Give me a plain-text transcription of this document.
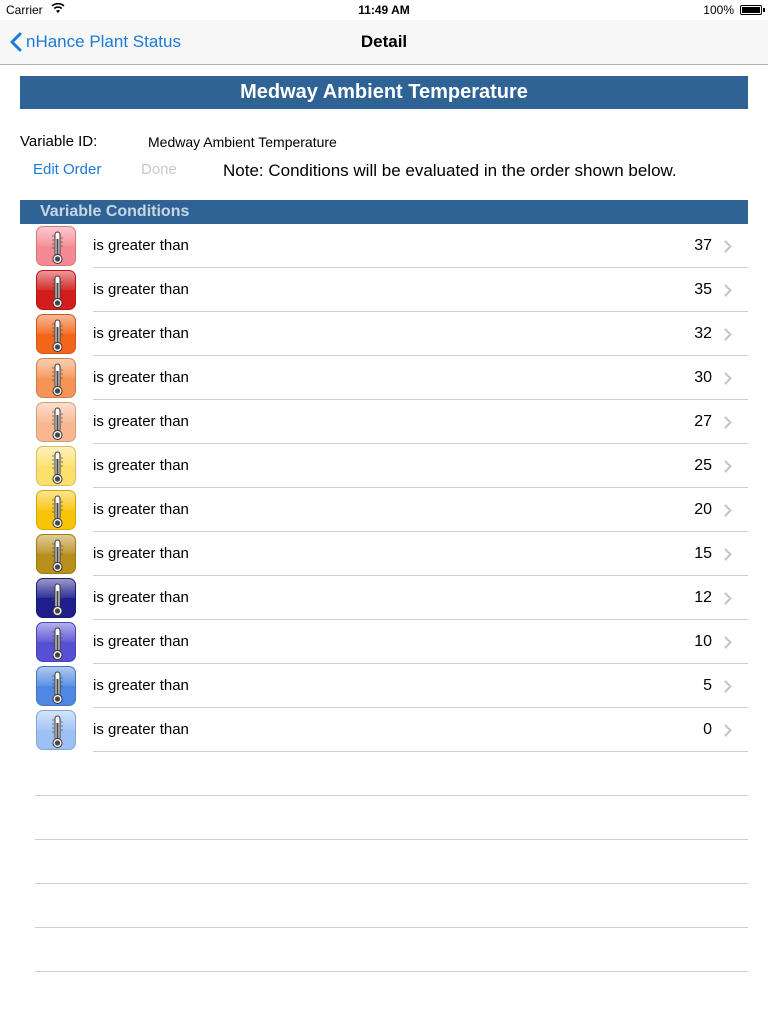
Carrier	11:49 AM	100%
nHance Plant Status	Detail
Medway Ambient Temperature
Variable ID:	Medway Ambient Temperature
Edit Order	Done	Note: Conditions will be evaluated in the order shown below.
Variable Conditions
is greater than	37
is greater than	35
is greater than	32
is greater than	30
is greater than	27
is greater than	25
is greater than	20
is greater than	15
is greater than	12
is greater than	10
is greater than	5
is greater than	0
